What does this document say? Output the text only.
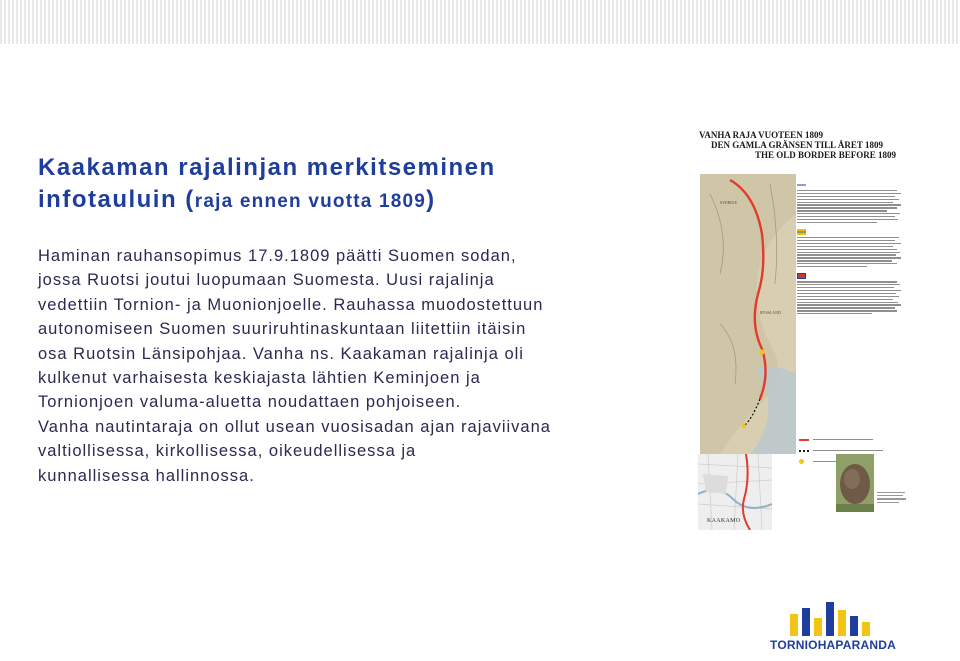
Kaakaman rajalinjan merkitseminen
infotauluin (raja ennen vuotta 1809)
Haminan rauhansopimus 17.9.1809 päätti Suomen sodan,
jossa Ruotsi joutui luopumaan Suomesta. Uusi rajalinja
vedettiin Tornion- ja Muonionjoelle. Rauhassa muodostettuun
autonomiseen Suomen suuriruhtinaskuntaan liitettiin itäisin
osa Ruotsin Länsipohjaa. Vanha ns. Kaakaman rajalinja oli
kulkenut varhaisesta keskiajasta lähtien Keminjoen ja
Tornionjoen valuma-aluetta noudattaen pohjoiseen.
Vanha nautintaraja on ollut usean vuosisadan ajan rajaviivana
valtiollisessa, kirkollisessa, oikeudellisessa ja
kunnallisessa hallinnossa.
VANHA RAJA VUOTEEN 1809
DEN GAMLA GRÄNSEN TILL ÅRET 1809
THE OLD BORDER BEFORE 1809
SVERIGE
RYSSLAND
KAAKAMO
TORNIOHAPARANDA
